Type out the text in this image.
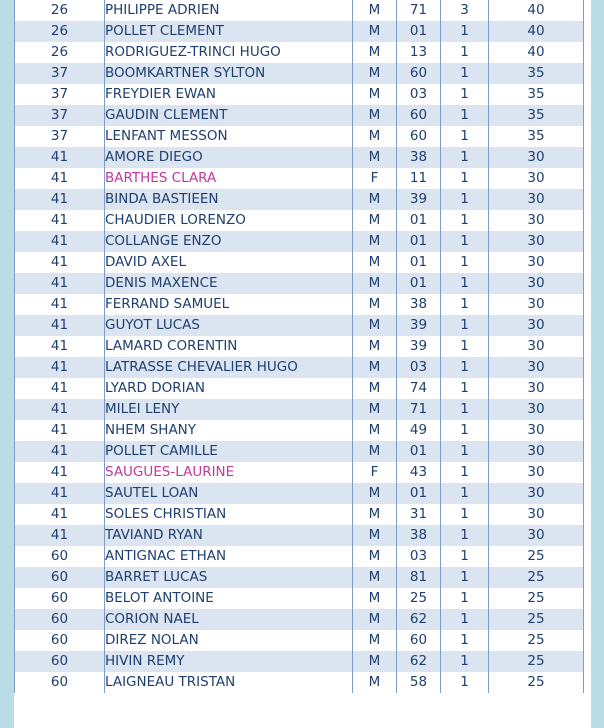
26	PHILIPPE ADRIEN	M	71	3	40
26	POLLET CLEMENT	M	01	1	40
26	RODRIGUEZ-TRINCI HUGO	M	13	1	40
37	BOOMKARTNER SYLTON	M	60	1	35
37	FREYDIER EWAN	M	03	1	35
37	GAUDIN CLEMENT	M	60	1	35
37	LENFANT MESSON	M	60	1	35
41	AMORE DIEGO	M	38	1	30
41	BARTHES CLARA	F	11	1	30
41	BINDA BASTIEEN	M	39	1	30
41	CHAUDIER LORENZO	M	01	1	30
41	COLLANGE ENZO	M	01	1	30
41	DAVID AXEL	M	01	1	30
41	DENIS MAXENCE	M	01	1	30
41	FERRAND SAMUEL	M	38	1	30
41	GUYOT LUCAS	M	39	1	30
41	LAMARD CORENTIN	M	39	1	30
41	LATRASSE CHEVALIER HUGO	M	03	1	30
41	LYARD DORIAN	M	74	1	30
41	MILEI LENY	M	71	1	30
41	NHEM SHANY	M	49	1	30
41	POLLET CAMILLE	M	01	1	30
41	SAUGUES-LAURINE	F	43	1	30
41	SAUTEL LOAN	M	01	1	30
41	SOLES CHRISTIAN	M	31	1	30
41	TAVIAND RYAN	M	38	1	30
60	ANTIGNAC ETHAN	M	03	1	25
60	BARRET LUCAS	M	81	1	25
60	BELOT ANTOINE	M	25	1	25
60	CORION NAEL	M	62	1	25
60	DIREZ NOLAN	M	60	1	25
60	HIVIN REMY	M	62	1	25
60	LAIGNEAU TRISTAN	M	58	1	25
